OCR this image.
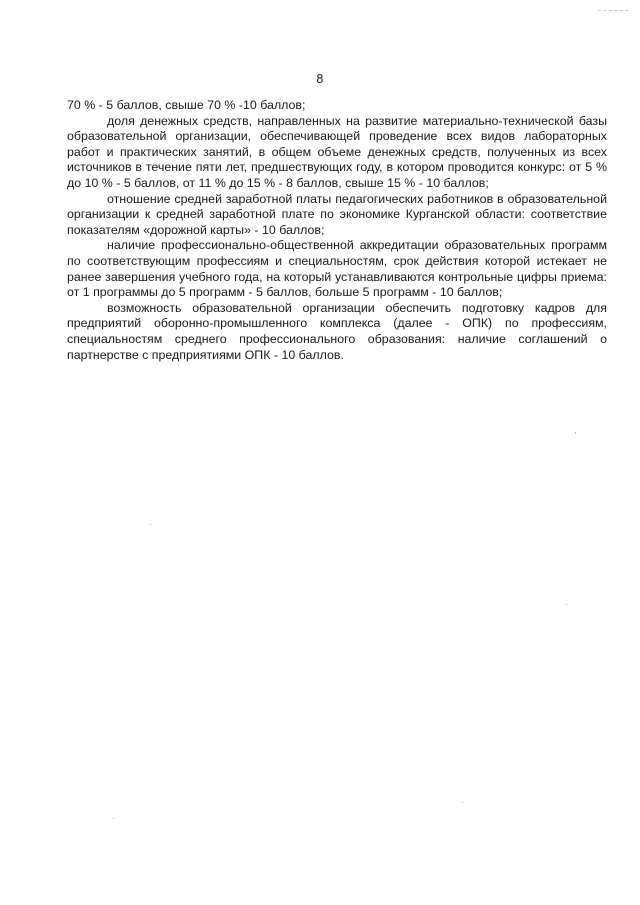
8

70 % - 5 баллов, свыше 70 % -10 баллов;

доля денежных средств, направленных на развитие материально-технической базы образовательной организации, обеспечивающей проведение всех видов лабораторных работ и практических занятий, в общем объеме денежных средств, полученных из всех источников в течение пяти лет, предшествующих году, в котором проводится конкурс: от 5 % до 10 % - 5 баллов, от 11 % до 15 % - 8 баллов, свыше 15 % - 10 баллов;

отношение средней заработной платы педагогических работников в образовательной организации к средней заработной плате по экономике Курганской области: соответствие показателям «дорожной карты» - 10 баллов;

наличие профессионально-общественной аккредитации образовательных программ по соответствующим профессиям и специальностям, срок действия которой истекает не ранее завершения учебного года, на который устанавливаются контрольные цифры приема: от 1 программы до 5 программ - 5 баллов, больше 5 программ - 10 баллов;

возможность образовательной организации обеспечить подготовку кадров для предприятий оборонно-промышленного комплекса (далее - ОПК) по профессиям, специальностям среднего профессионального образования: наличие соглашений о партнерстве с предприятиями ОПК - 10 баллов.
